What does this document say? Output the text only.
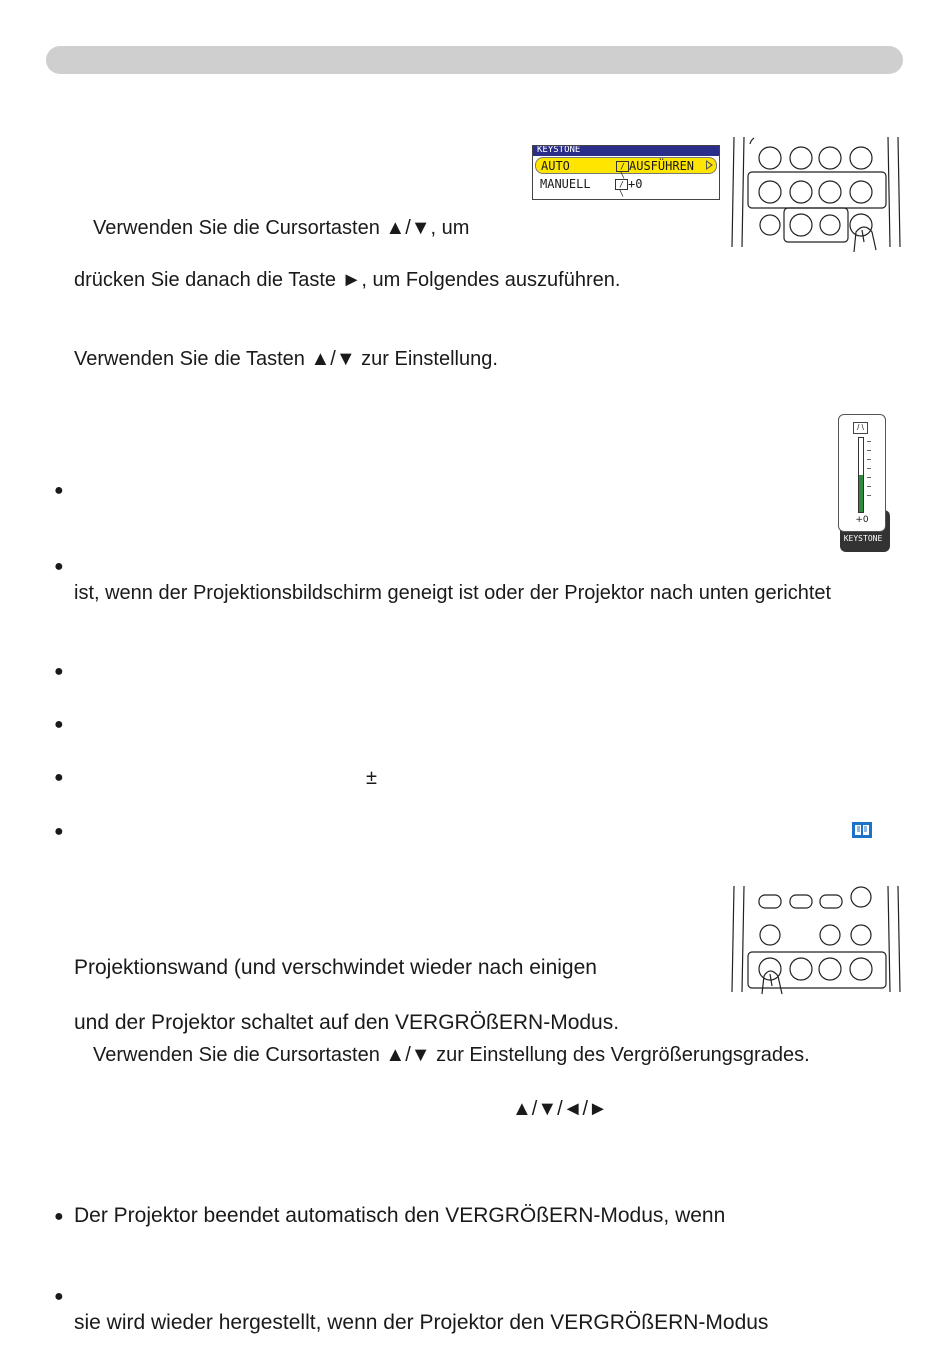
KEYSTONE
AUTO	/ \
AUSFÜHREN
MANUELL	/ \
+0
Verwenden Sie die Cursortasten ▲/▼, um
drücken Sie danach die Taste ►, um Folgendes auszuführen.
Verwenden Sie die Tasten ▲/▼ zur Einstellung.
/ \
+0
KEYSTONE
●
●
ist, wenn der Projektionsbildschirm geneigt ist oder der Projektor nach unten gerichtet
●
●
●	±
●
Projektionswand (und verschwindet wieder nach einigen
und der Projektor schaltet auf den VERGRÖßERN-Modus.
Verwenden Sie die Cursortasten ▲/▼ zur Einstellung des Vergrößerungsgrades.
▲/▼/◄/►
● Der Projektor beendet automatisch den VERGRÖßERN-Modus, wenn
●
sie wird wieder hergestellt, wenn der Projektor den VERGRÖßERN-Modus
